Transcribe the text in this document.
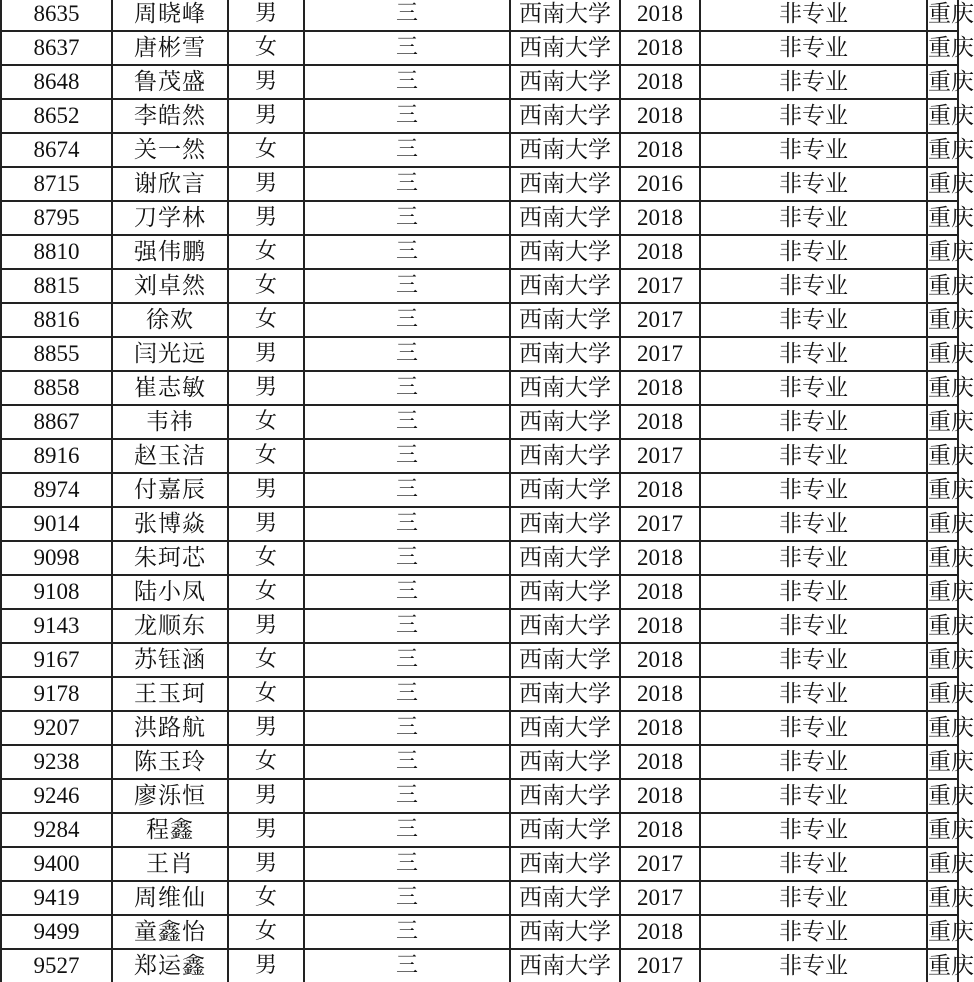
8635	周晓峰	男	三	西南大学	2018	非专业	重庆
8637	唐彬雪	女	三	西南大学	2018	非专业	重庆
8648	鲁茂盛	男	三	西南大学	2018	非专业	重庆
8652	李皓然	男	三	西南大学	2018	非专业	重庆
8674	关一然	女	三	西南大学	2018	非专业	重庆
8715	谢欣言	男	三	西南大学	2016	非专业	重庆
8795	刀学林	男	三	西南大学	2018	非专业	重庆
8810	强伟鹏	女	三	西南大学	2018	非专业	重庆
8815	刘卓然	女	三	西南大学	2017	非专业	重庆
8816	徐欢	女	三	西南大学	2017	非专业	重庆
8855	闫光远	男	三	西南大学	2017	非专业	重庆
8858	崔志敏	男	三	西南大学	2018	非专业	重庆
8867	韦祎	女	三	西南大学	2018	非专业	重庆
8916	赵玉洁	女	三	西南大学	2017	非专业	重庆
8974	付嘉辰	男	三	西南大学	2018	非专业	重庆
9014	张博焱	男	三	西南大学	2017	非专业	重庆
9098	朱珂芯	女	三	西南大学	2018	非专业	重庆
9108	陆小凤	女	三	西南大学	2018	非专业	重庆
9143	龙顺东	男	三	西南大学	2018	非专业	重庆
9167	苏钰涵	女	三	西南大学	2018	非专业	重庆
9178	王玉珂	女	三	西南大学	2018	非专业	重庆
9207	洪路航	男	三	西南大学	2018	非专业	重庆
9238	陈玉玲	女	三	西南大学	2018	非专业	重庆
9246	廖泺恒	男	三	西南大学	2018	非专业	重庆
9284	程鑫	男	三	西南大学	2018	非专业	重庆
9400	王肖	男	三	西南大学	2017	非专业	重庆
9419	周维仙	女	三	西南大学	2017	非专业	重庆
9499	童鑫怡	女	三	西南大学	2018	非专业	重庆
9527	郑运鑫	男	三	西南大学	2017	非专业	重庆
